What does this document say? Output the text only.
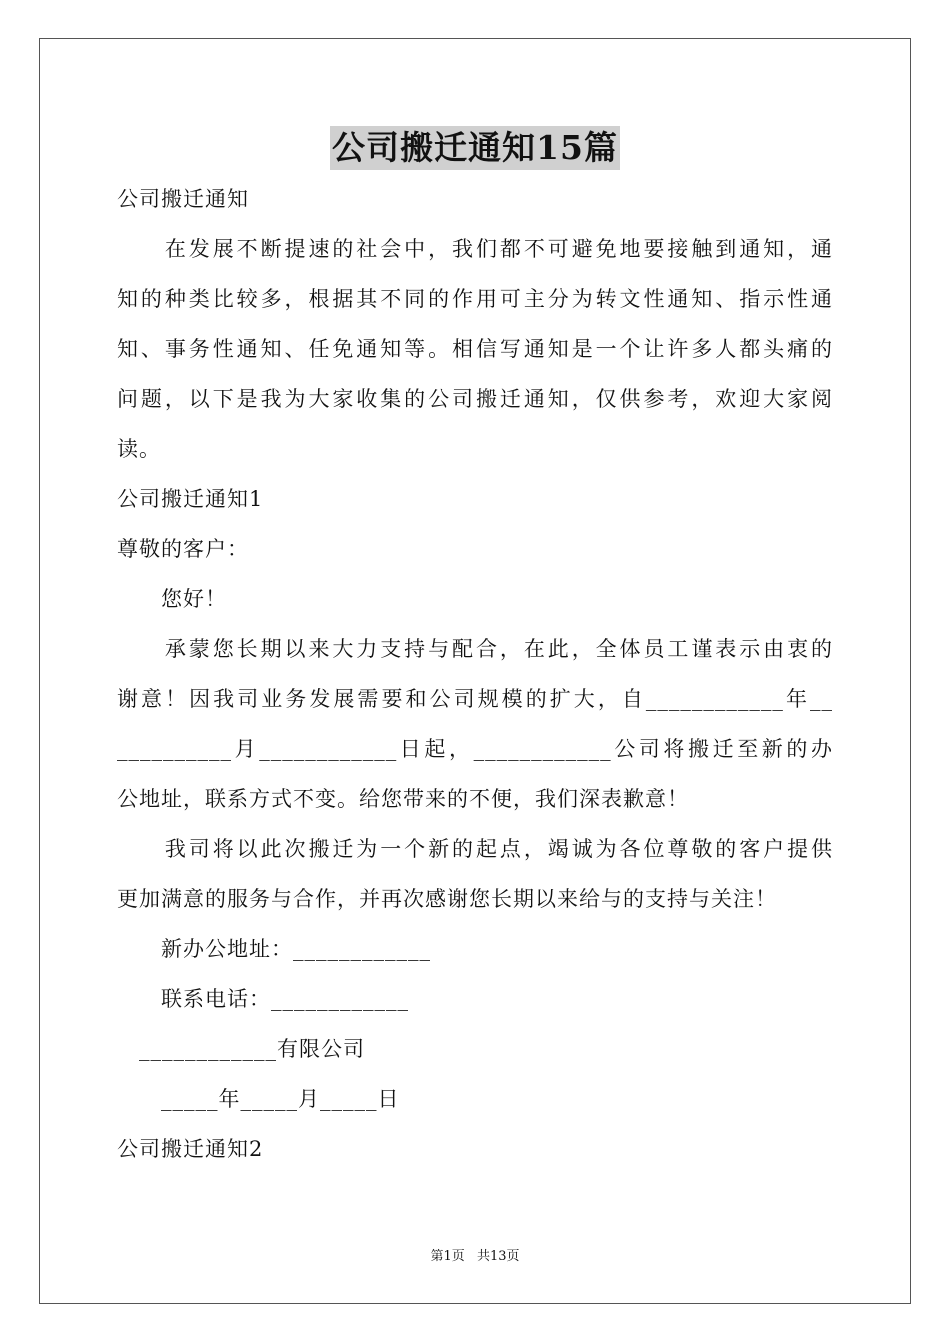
公司搬迁通知15篇
公司搬迁通知
　　在发展不断提速的社会中，我们都不可避免地要接触到通知，通
知的种类比较多，根据其不同的作用可主分为转文性通知、指示性通
知、事务性通知、任免通知等。相信写通知是一个让许多人都头痛的
问题，以下是我为大家收集的公司搬迁通知，仅供参考，欢迎大家阅
读。
公司搬迁通知1
尊敬的客户：
　　您好！
　　承蒙您长期以来大力支持与配合，在此，全体员工谨表示由衷的
谢意！因我司业务发展需要和公司规模的扩大，自____________年__
__________月____________日起，____________公司将搬迁至新的办
公地址，联系方式不变。给您带来的不便，我们深表歉意！
　　我司将以此次搬迁为一个新的起点，竭诚为各位尊敬的客户提供
更加满意的服务与合作，并再次感谢您长期以来给与的支持与关注！
　　新办公地址：____________
　　联系电话：____________
　____________有限公司
　　_____年_____月_____日
公司搬迁通知2
第1页 共13页
